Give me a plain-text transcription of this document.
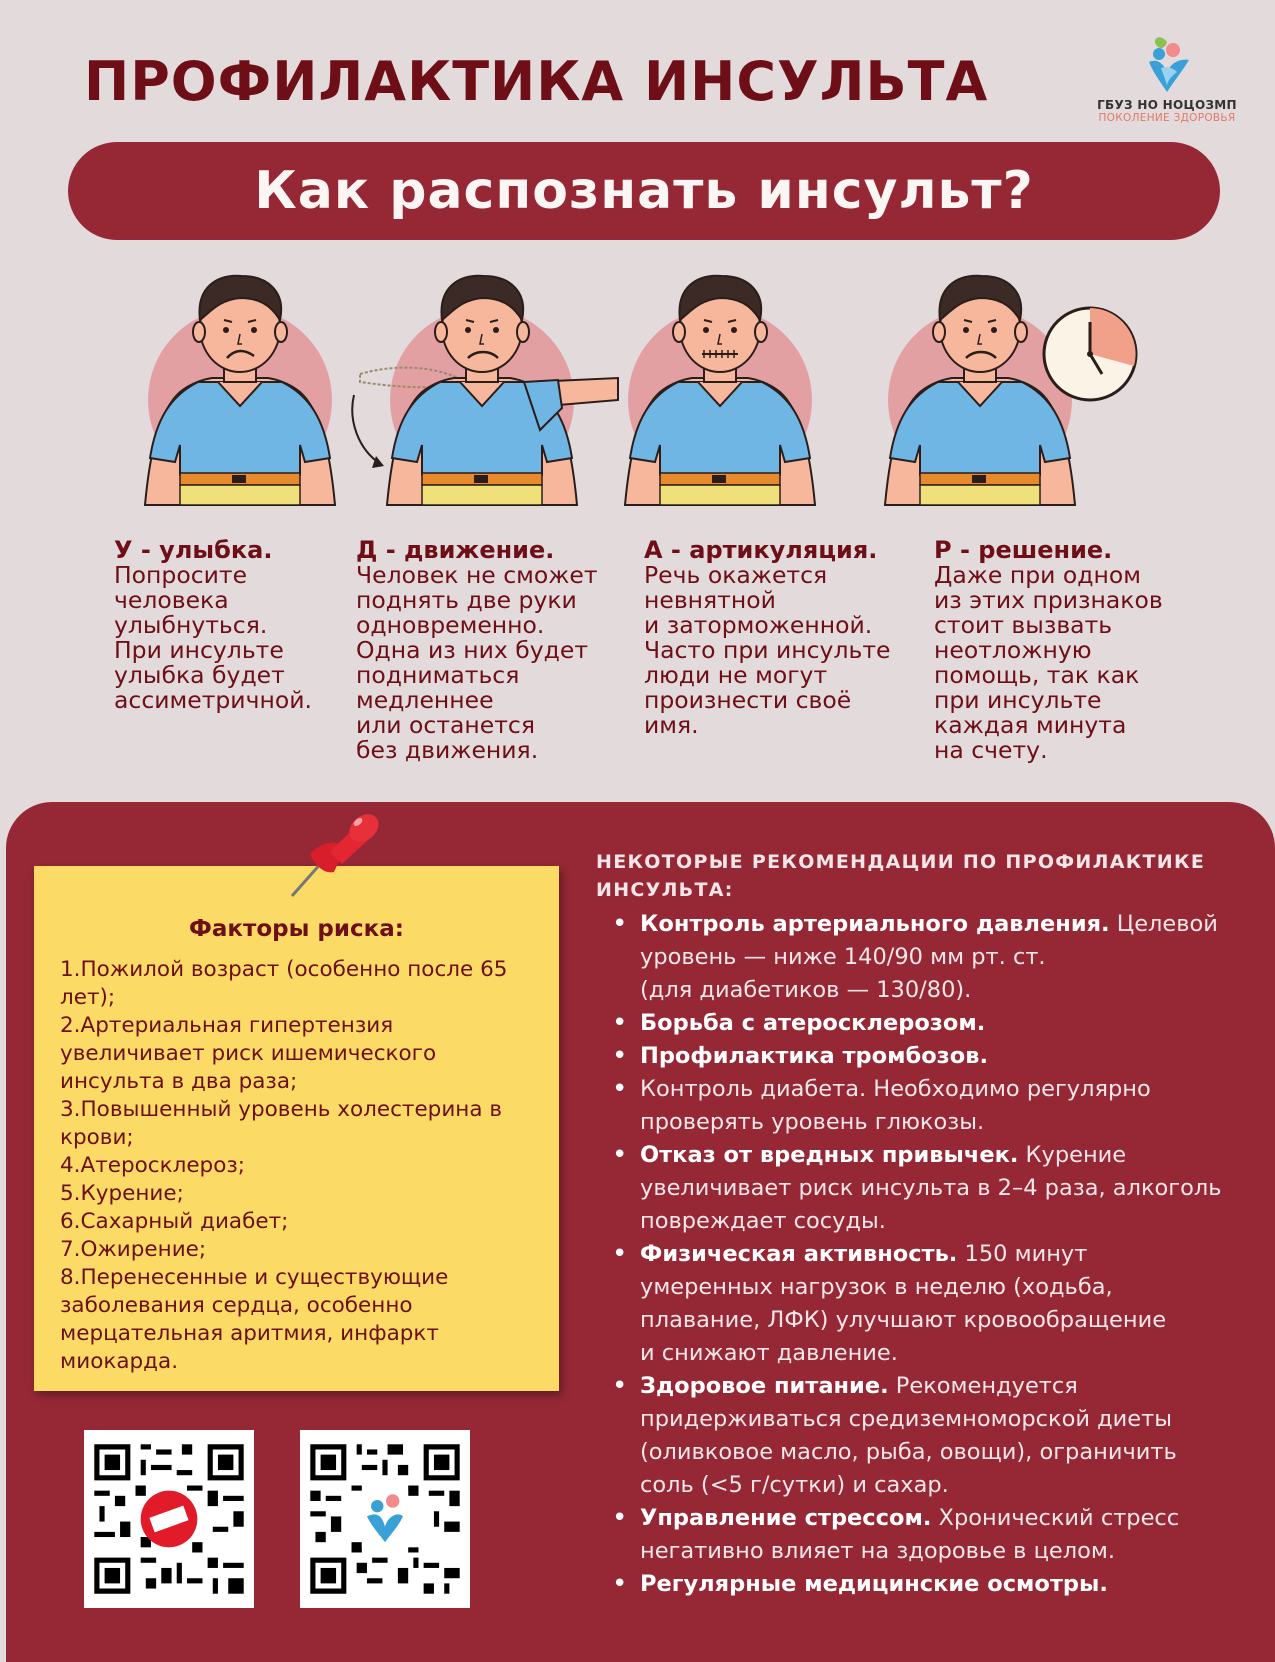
ПРОФИЛАКТИКА ИНСУЛЬТА	ГБУЗ НО НОЦОЗМП
ПОКОЛЕНИЕ ЗДОРОВЬЯ
Как распознать инсульт?
У - улыбка.
Попросите
человека
улыбнуться.
При инсульте
улыбка будет
ассиметричной.
Д - движение.
Человек не сможет
поднять две руки
одновременно.
Одна из них будет
подниматься
медленнее
или останется
без движения.
А - артикуляция.
Речь окажется
невнятной
и заторможенной.
Часто при инсульте
люди не могут
произнести своё
имя.
Р - решение.
Даже при одном
из этих признаков
стоит вызвать
неотложную
помощь, так как
при инсульте
каждая минута
на счету.
Факторы риска:
1.Пожилой возраст (особенно после 65 лет);
2.Артериальная гипертензия увеличивает риск ишемического инсульта в два раза;
3.Повышенный уровень холестерина в крови;
4.Атеросклероз;
5.Курение;
6.Сахарный диабет;
7.Ожирение;
8.Перенесенные и существующие заболевания сердца, особенно мерцательная аритмия, инфаркт миокарда.
НЕКОТОРЫЕ РЕКОМЕНДАЦИИ ПО ПРОФИЛАКТИКЕ ИНСУЛЬТА:
• Контроль артериального давления. Целевой
уровень — ниже 140/90 мм рт. ст.
(для диабетиков — 130/80).
• Борьба с атеросклерозом.
• Профилактика тромбозов.
• Контроль диабета. Необходимо регулярно
проверять уровень глюкозы.
• Отказ от вредных привычек. Курение
увеличивает риск инсульта в 2–4 раза, алкоголь
повреждает сосуды.
• Физическая активность. 150 минут
умеренных нагрузок в неделю (ходьба,
плавание, ЛФК) улучшают кровообращение
и снижают давление.
• Здоровое питание. Рекомендуется
придерживаться средиземноморской диеты
(оливковое масло, рыба, овощи), ограничить
соль (<5 г/сутки) и сахар.
• Управление стрессом. Хронический стресс
негативно влияет на здоровье в целом.
• Регулярные медицинские осмотры.
